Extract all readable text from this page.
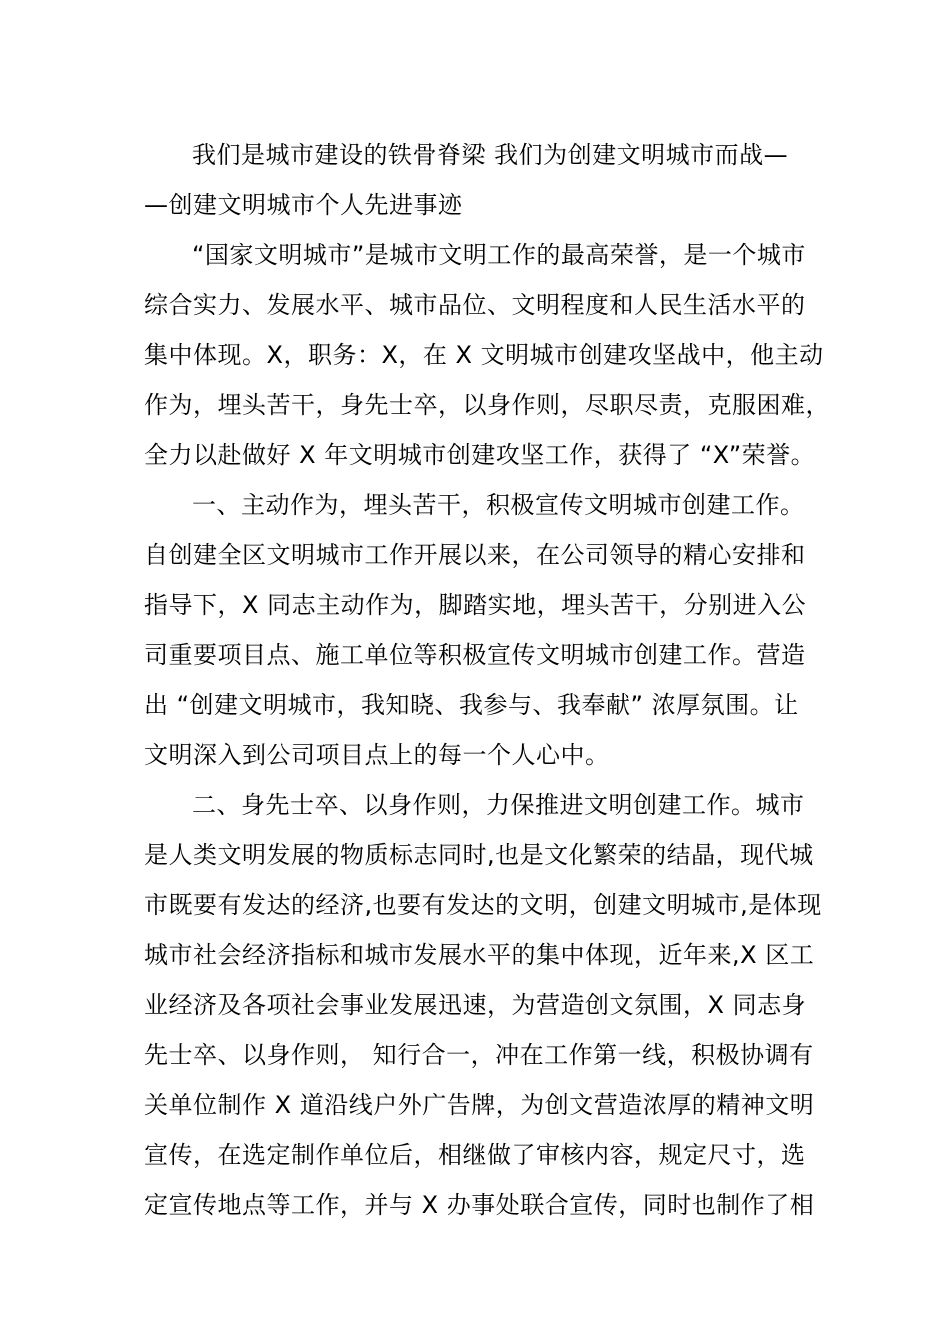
我们是城市建设的铁骨脊梁 我们为创建文明城市而战—
—创建文明城市个人先进事迹
“国家文明城市”是城市文明工作的最高荣誉，是一个城市
综合实力、发展水平、城市品位、文明程度和人民生活水平的
集中体现。X，职务：X，在 X 文明城市创建攻坚战中，他主动
作为，埋头苦干，身先士卒，以身作则，尽职尽责，克服困难，
全力以赴做好 X 年文明城市创建攻坚工作，获得了 “X”荣誉。
一、主动作为，埋头苦干，积极宣传文明城市创建工作。
自创建全区文明城市工作开展以来，在公司领导的精心安排和
指导下，X 同志主动作为，脚踏实地，埋头苦干，分别进入公
司重要项目点、施工单位等积极宣传文明城市创建工作。营造
出 “创建文明城市，我知晓、我参与、我奉献” 浓厚氛围。让
文明深入到公司项目点上的每一个人心中。
二、身先士卒、以身作则，力保推进文明创建工作。城市
是人类文明发展的物质标志同时,也是文化繁荣的结晶，现代城
市既要有发达的经济,也要有发达的文明，创建文明城市,是体现
城市社会经济指标和城市发展水平的集中体现，近年来,X 区工
业经济及各项社会事业发展迅速，为营造创文氛围，X 同志身
先士卒、以身作则， 知行合一，冲在工作第一线，积极协调有
关单位制作 X 道沿线户外广告牌，为创文营造浓厚的精神文明
宣传，在选定制作单位后，相继做了审核内容，规定尺寸，选
定宣传地点等工作，并与 X 办事处联合宣传，同时也制作了相
